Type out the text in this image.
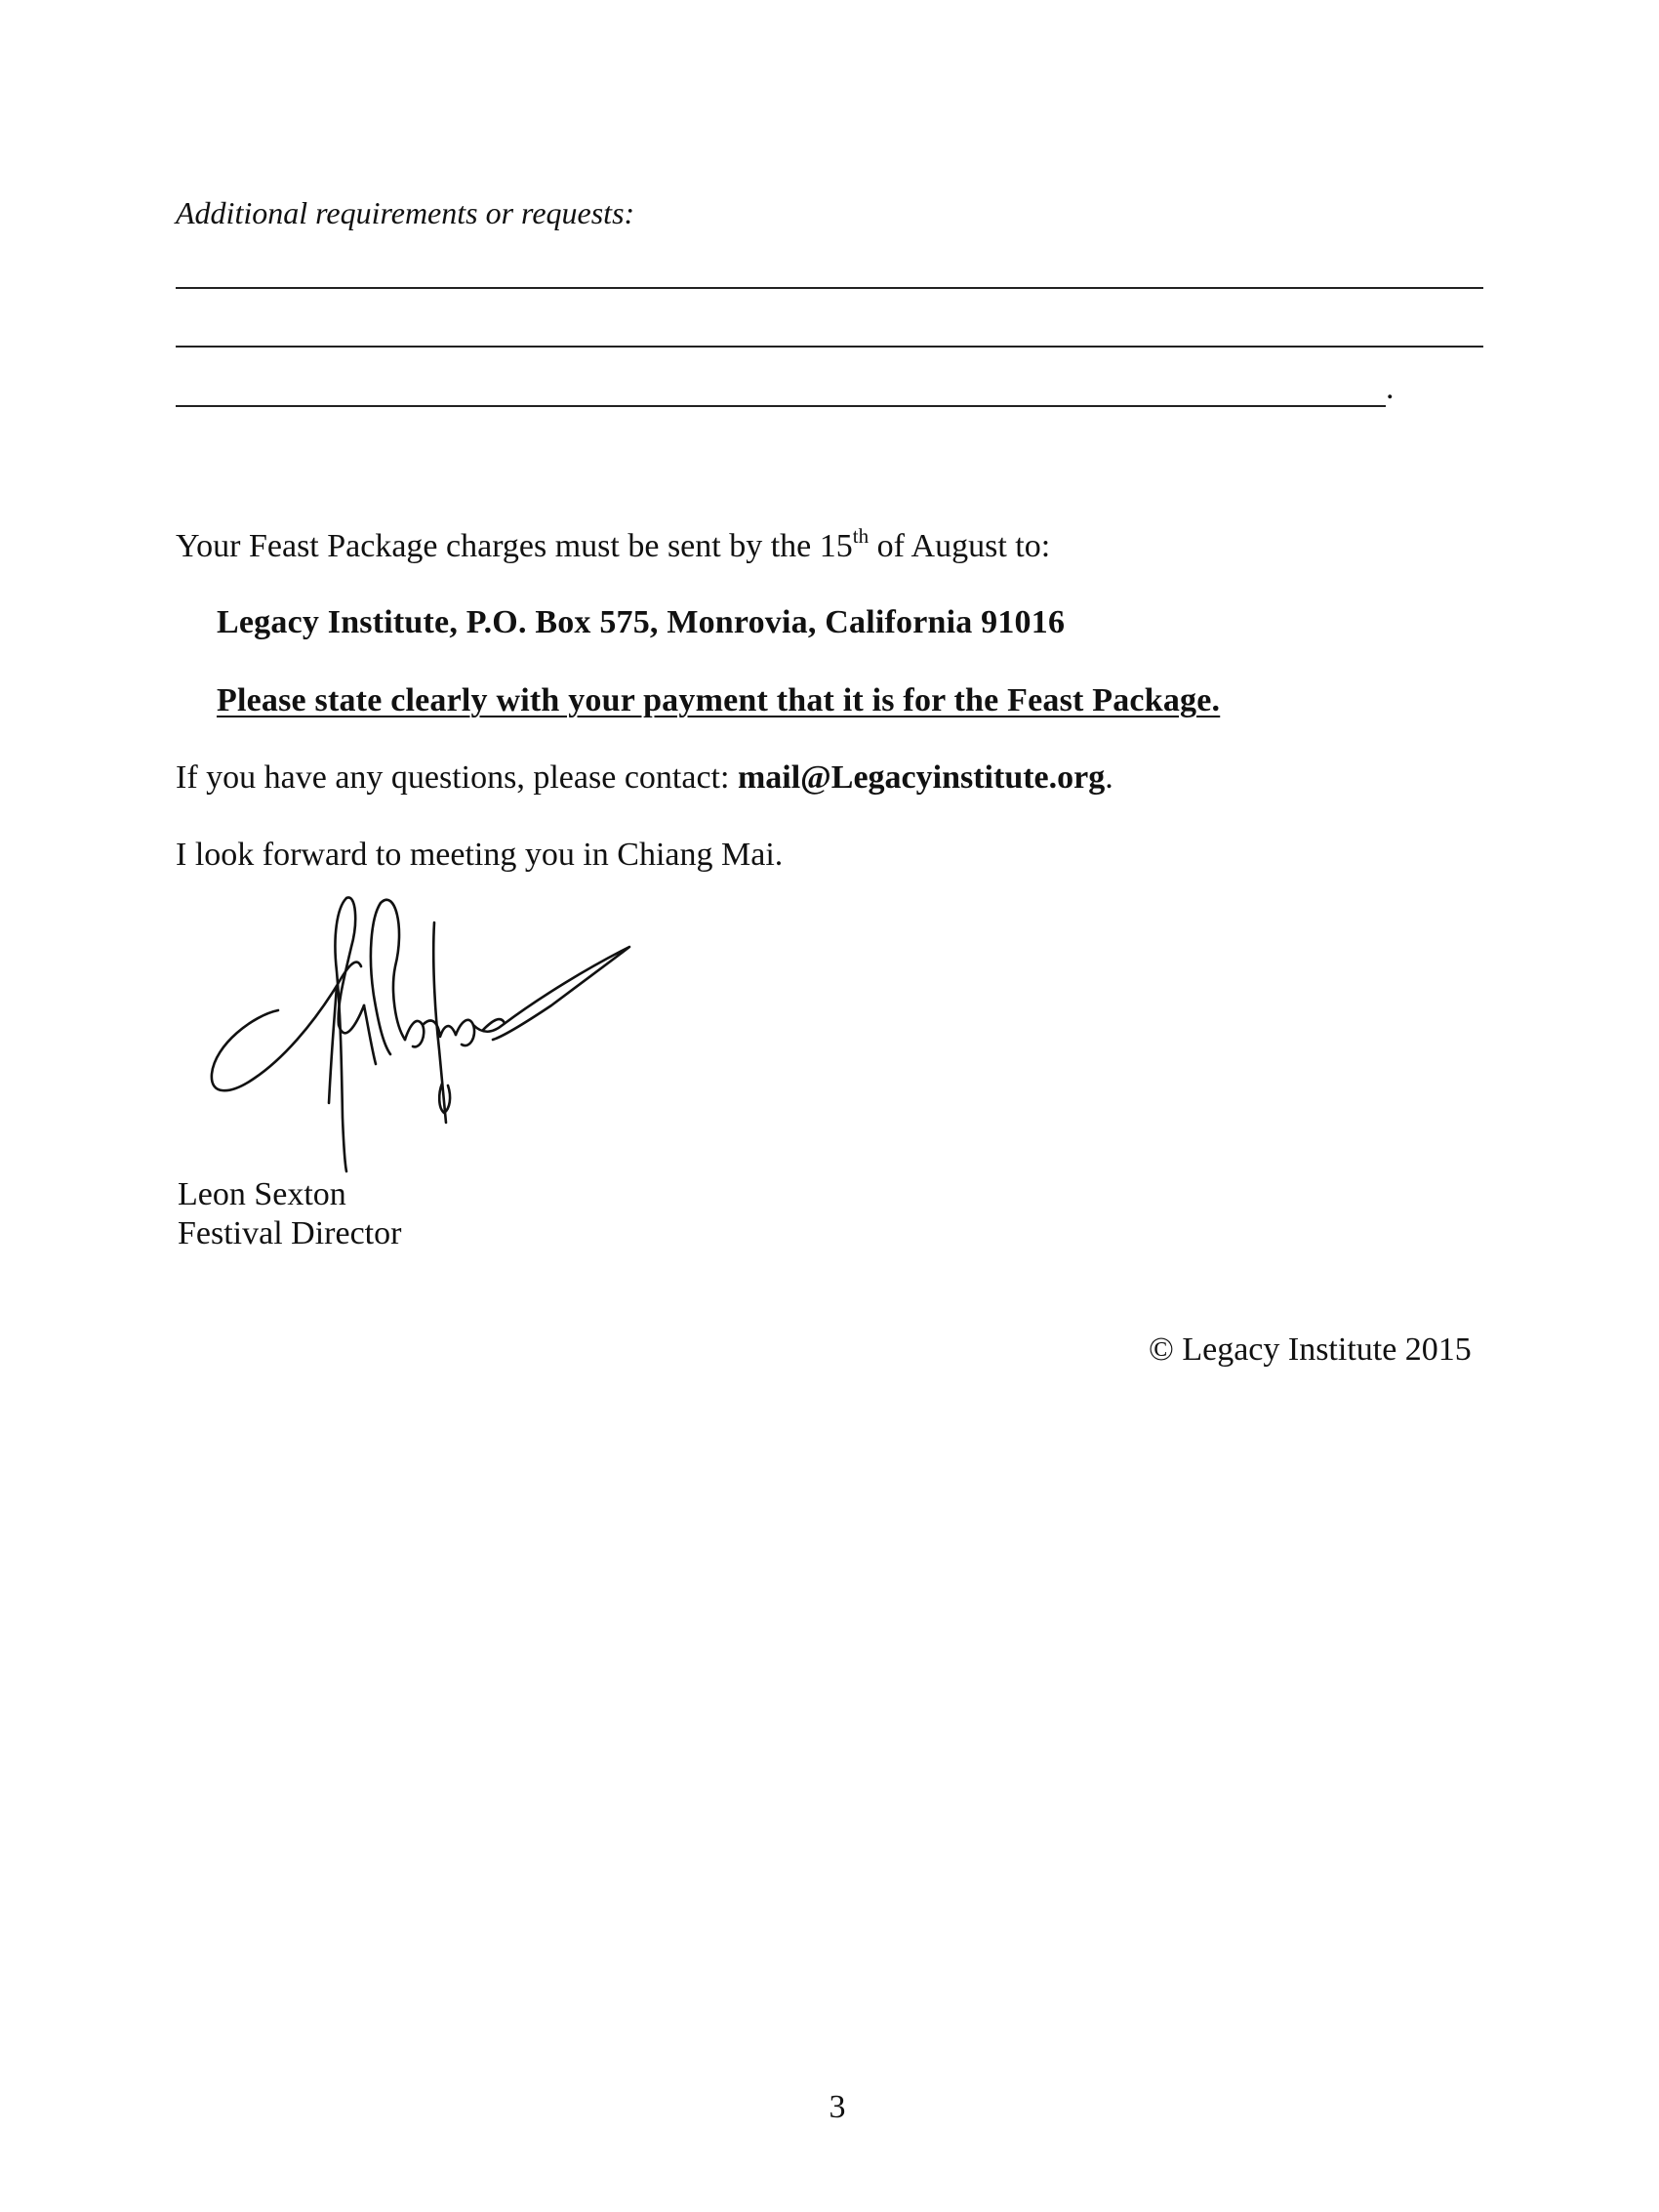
Additional requirements or requests:
.
Your Feast Package charges must be sent by the 15th of August to:
Legacy Institute, P.O. Box 575, Monrovia, California 91016
Please state clearly with your payment that it is for the Feast Package.
If you have any questions, please contact: mail@Legacyinstitute.org.
I look forward to meeting you in Chiang Mai.
Leon Sexton
Festival Director
© Legacy Institute 2015
3
